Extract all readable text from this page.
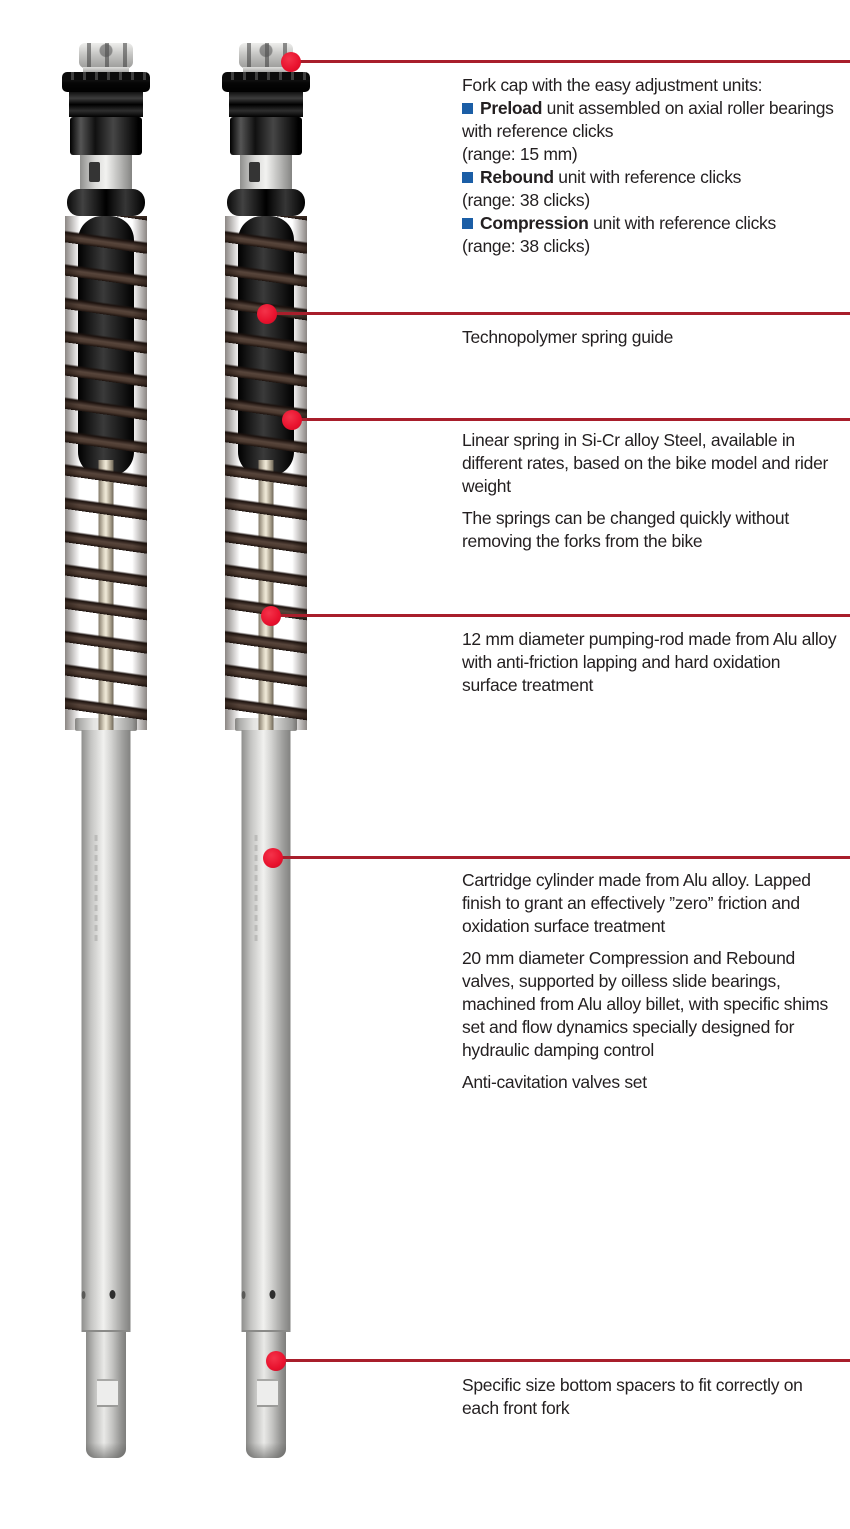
Fork cap with the easy adjustment units:
Preload unit assembled on axial roller bearings with reference clicks
(range: 15 mm)
Rebound unit with reference clicks
(range: 38 clicks)
Compression unit with reference clicks
(range: 38 clicks)
Technopolymer spring guide
Linear spring in Si-Cr alloy Steel, available in different rates, based on the bike model and rider weight
The springs can be changed quickly without removing the forks from the bike
12 mm diameter pumping-rod made from Alu alloy with anti-friction lapping and hard oxidation surface treatment
Cartridge cylinder made from Alu alloy. Lapped finish to grant an effectively ”zero” friction and oxidation surface treatment
20 mm diameter Compression and Rebound valves, supported by oilless slide bearings, machined from Alu alloy billet, with specific shims set and flow dynamics specially designed for hydraulic damping control
Anti-cavitation valves set
Specific size bottom spacers to fit correctly on each front fork
